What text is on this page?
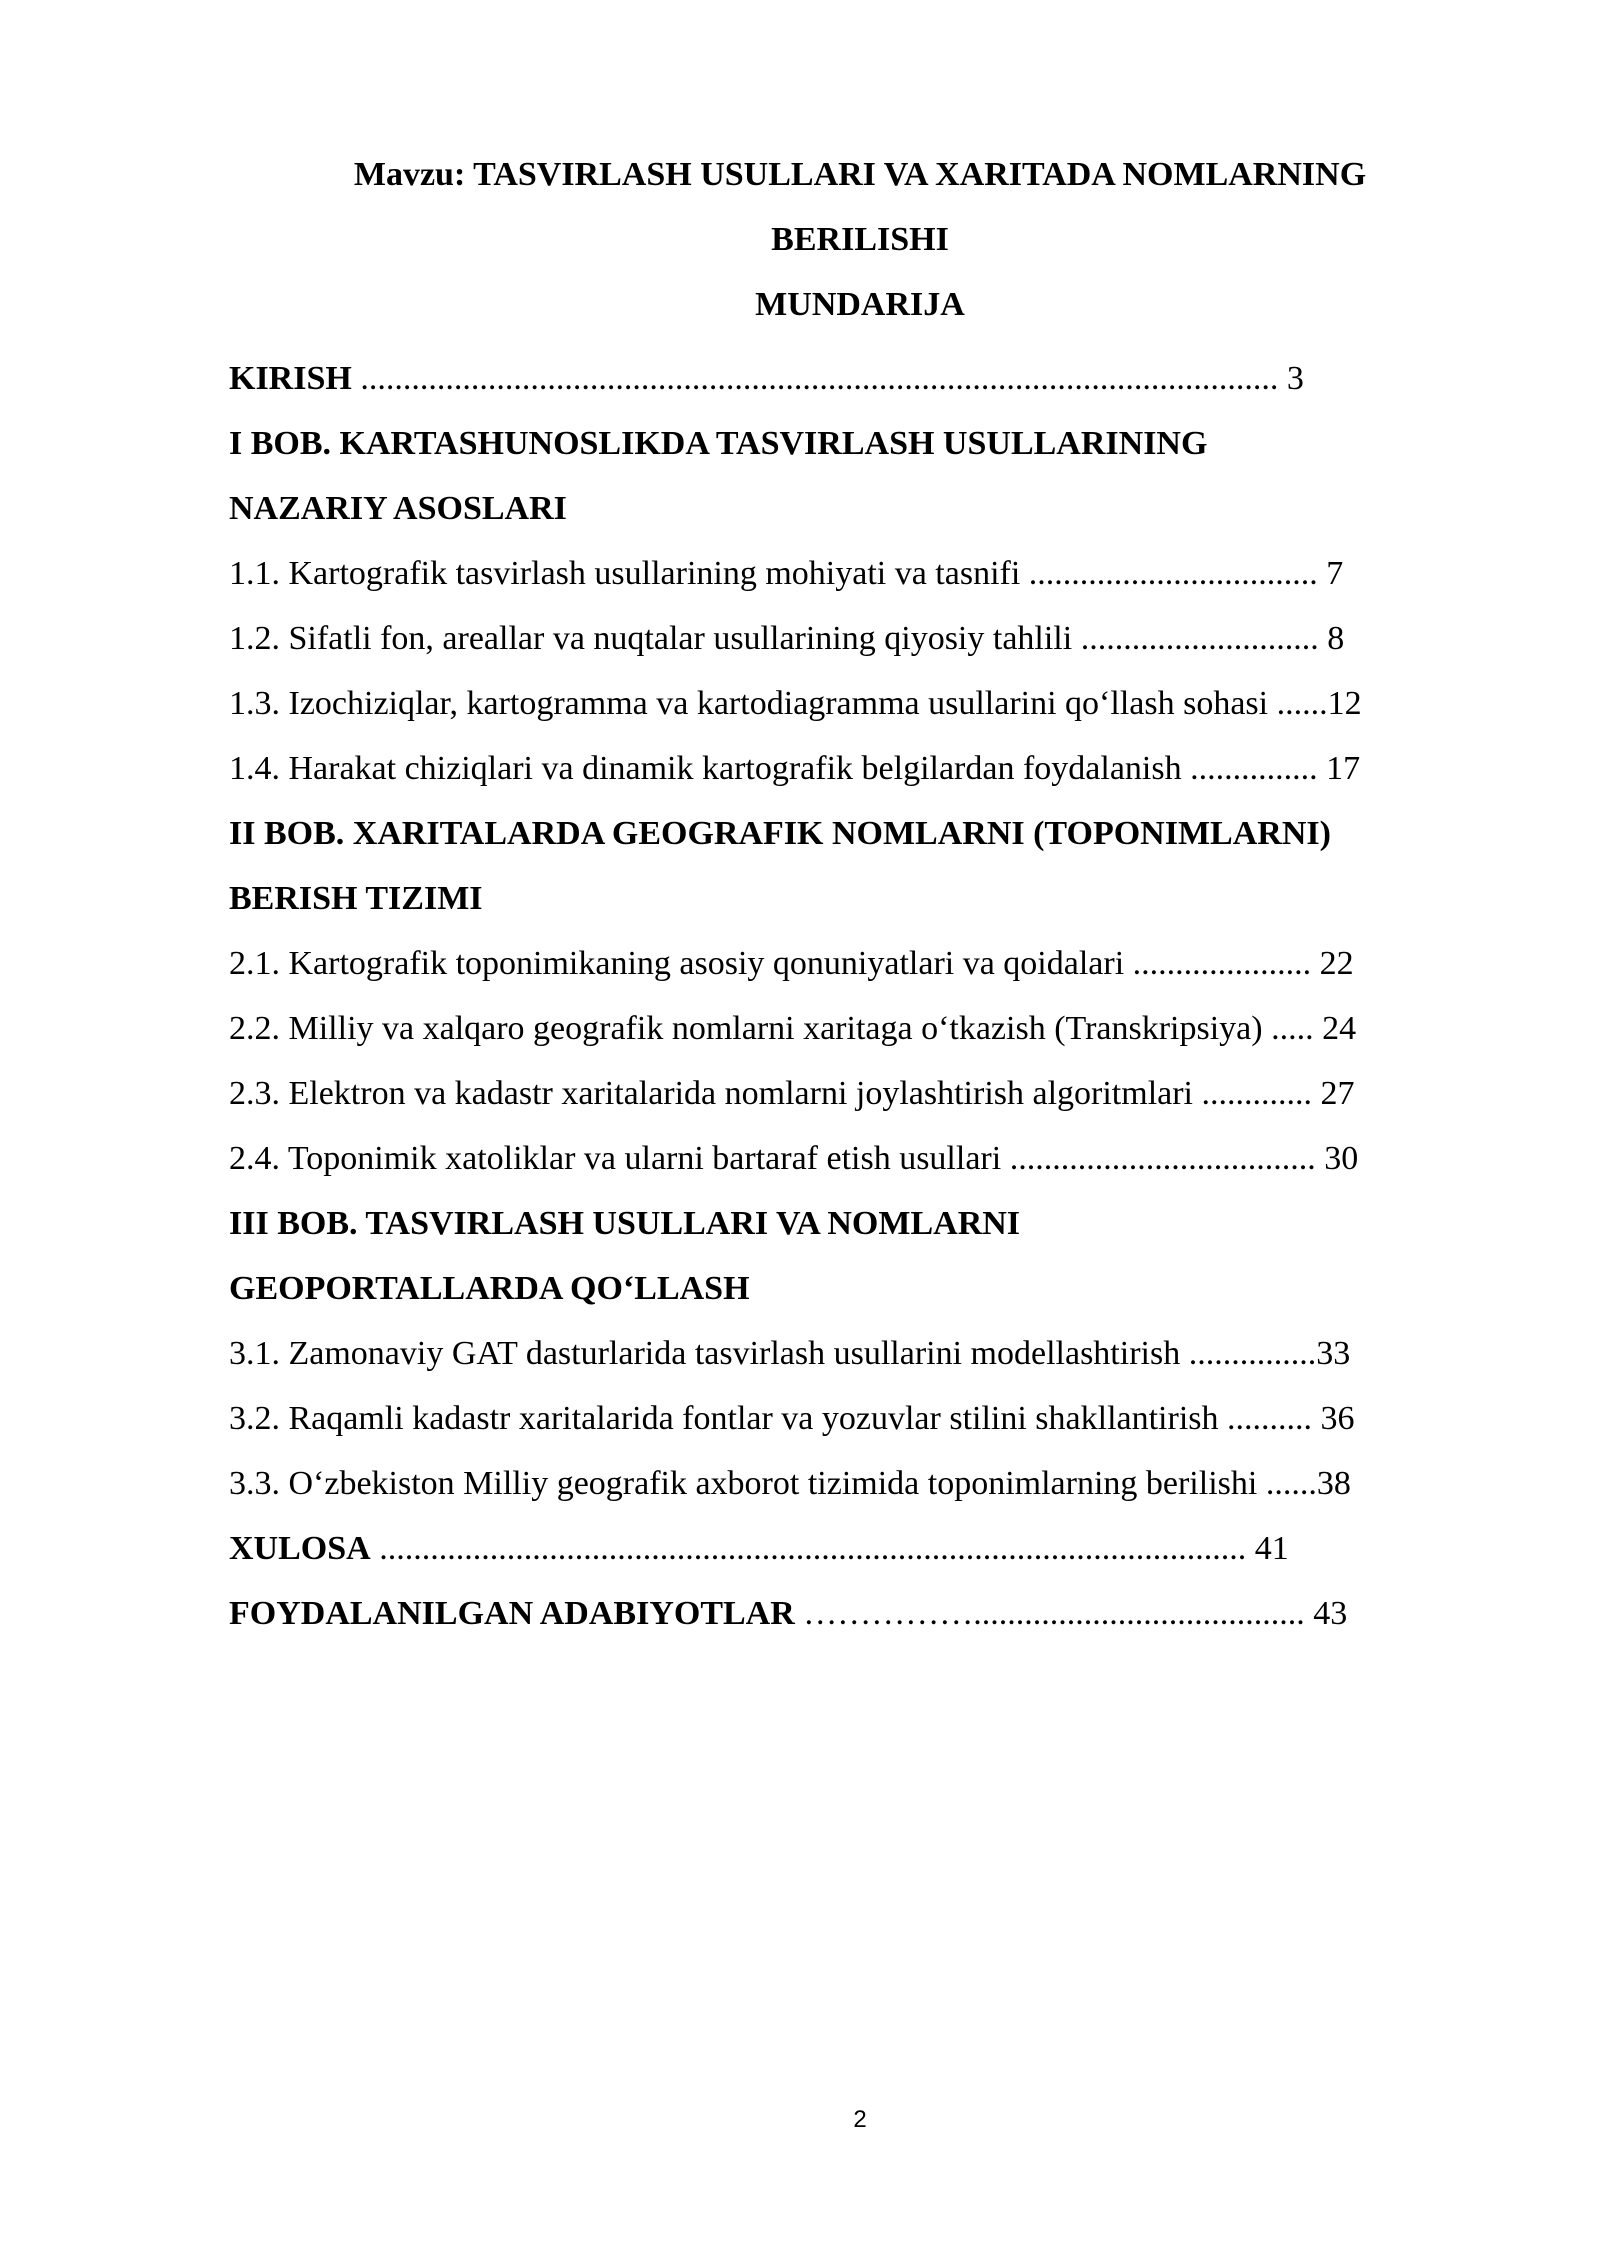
Mavzu: TASVIRLASH USULLARI VA XARITADA NOMLARNING
BERILISHI
MUNDARIJA
KIRISH ............................................................................................................ 3
I BOB. KARTASHUNOSLIKDA TASVIRLASH USULLARINING
NAZARIY ASOSLARI
1.1. Kartografik tasvirlash usullarining mohiyati va tasnifi .................................. 7
1.2. Sifatli fon, areallar va nuqtalar usullarining qiyosiy tahlili ............................ 8
1.3. Izochiziqlar, kartogramma va kartodiagramma usullarini qo‘llash sohasi ......12
1.4. Harakat chiziqlari va dinamik kartografik belgilardan foydalanish ............... 17
II BOB. XARITALARDA GEOGRAFIK NOMLARNI (TOPONIMLARNI)
BERISH TIZIMI
2.1. Kartografik toponimikaning asosiy qonuniyatlari va qoidalari ..................... 22
2.2. Milliy va xalqaro geografik nomlarni xaritaga o‘tkazish (Transkripsiya) ..... 24
2.3. Elektron va kadastr xaritalarida nomlarni joylashtirish algoritmlari ............. 27
2.4. Toponimik xatoliklar va ularni bartaraf etish usullari .................................... 30
III BOB. TASVIRLASH USULLARI VA NOMLARNI
GEOPORTALLARDA QO‘LLASH
3.1. Zamonaviy GAT dasturlarida tasvirlash usullarini modellashtirish ...............33
3.2. Raqamli kadastr xaritalarida fontlar va yozuvlar stilini shakllantirish .......... 36
3.3. O‘zbekiston Milliy geografik axborot tizimida toponimlarning berilishi ......38
XULOSA ...................................................................................................... 41
FOYDALANILGAN ADABIYOTLAR ……………....................................... 43
2
